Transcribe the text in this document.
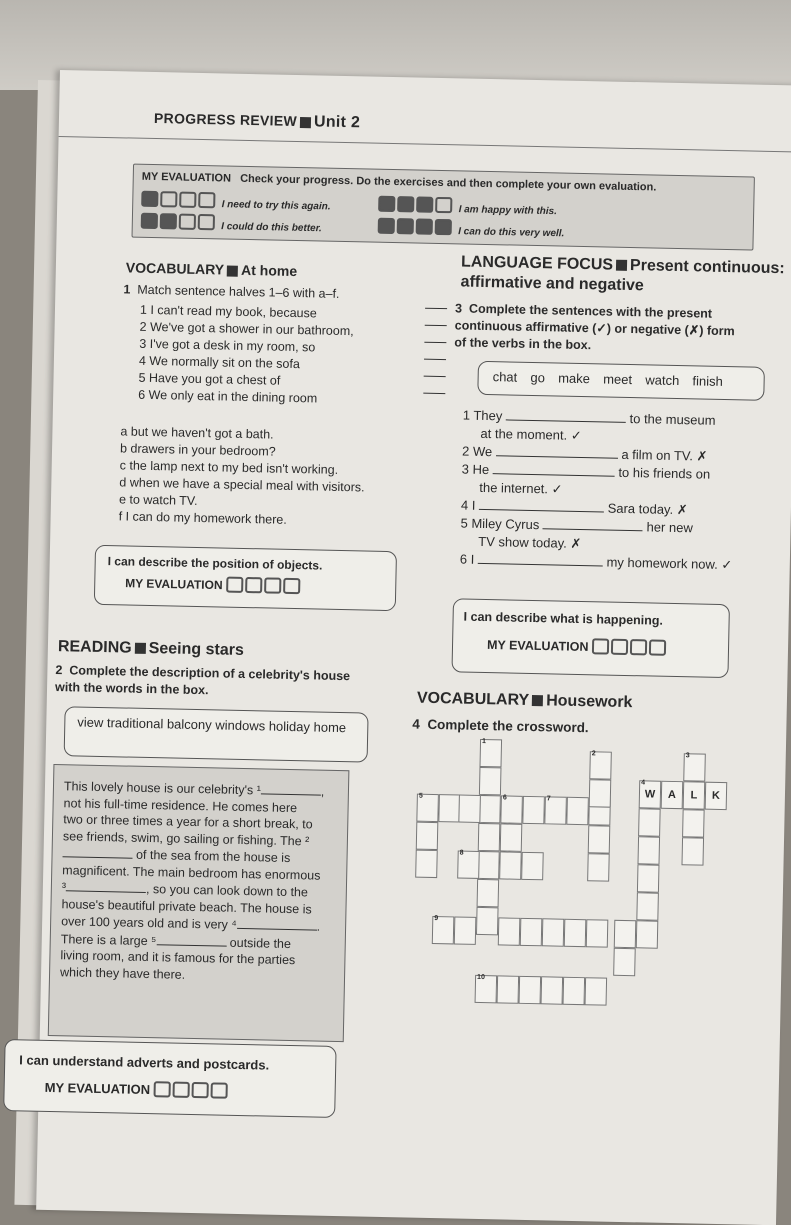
PROGRESS REVIEW Unit 2
MY EVALUATION Check your progress. Do the exercises and then complete your own evaluation.
I need to try this again.
I could do this better.
I am happy with this.
I can do this very well.
VOCABULARY At home
1 Match sentence halves 1–6 with a–f.
1 I can't read my book, because
2 We've got a shower in our bathroom,
3 I've got a desk in my room, so
4 We normally sit on the sofa
5 Have you got a chest of
6 We only eat in the dining room
a but we haven't got a bath.
b drawers in your bedroom?
c the lamp next to my bed isn't working.
d when we have a special meal with visitors.
e to watch TV.
f I can do my homework there.
I can describe the position of objects.
MY EVALUATION
READING Seeing stars
2 Complete the description of a celebrity's house with the words in the box.
view traditional balcony windows holiday home
This lovely house is our celebrity's ¹	,
not his full-time residence. He comes here
two or three times a year for a short break, to
see friends, swim, go sailing or fishing. The ²
of the sea from the house is
magnificent. The main bedroom has enormous
³	, so you can look down to the
house's beautiful private beach. The house is
over 100 years old and is very ⁴	.
There is a large ⁵	outside the
living room, and it is famous for the parties
which they have there.
I can understand adverts and postcards.
MY EVALUATION
LANGUAGE FOCUS Present continuous:
affirmative and negative
3 Complete the sentences with the present continuous affirmative (✓) or negative (✗) form of the verbs in the box.
chat go make meet watch finish
1 They	to the museum
at the moment. ✓
2 We	a film on TV. ✗
3 He	to his friends on
the internet. ✓
4 I	Sara today. ✗
5 Miley Cyrus	her new
TV show today. ✗
6 I	my homework now. ✓
I can describe what is happening.
MY EVALUATION
VOCABULARY Housework
4 Complete the crossword.
W	A	L	K
1
2	3
4
5	6	7
8
9
10
